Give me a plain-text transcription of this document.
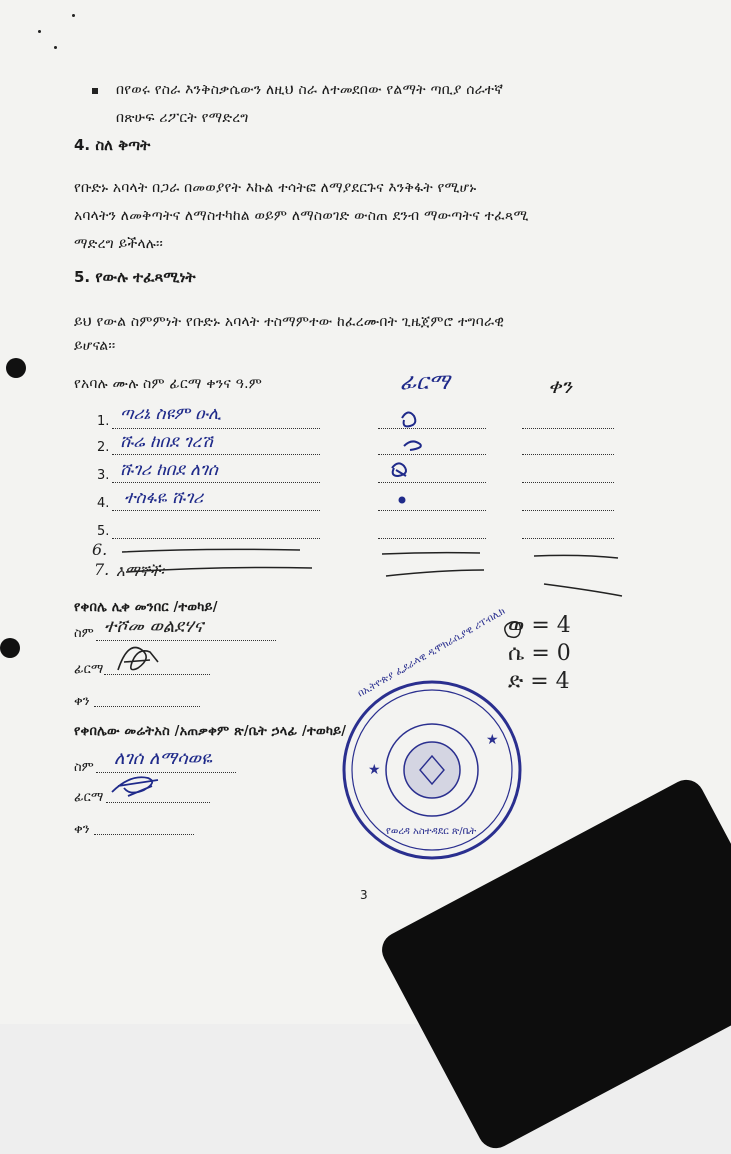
በየወሩ የስራ እንቅስቃሴውን ለዚህ ስራ ለተመደበው የልማት ጣቢያ ሰራተኛ
በጽሁፍ ሪፖርት የማድረግ
4. ስለ ቅጣት
የቡድኑ አባላት በጋራ በመወያየት እኩል ተሳትፎ ለማያደርጉና እንቅፋት የሚሆኑ
አባላትን ለመቅጣትና ለማስተካከል ወይም ለማስወገድ ውስጠ ደንብ ማውጣትና ተፈጻሚ
ማድረግ ይችላሉ፡፡
5. የውሉ ተፈጻሚነት
ይህ የውል ስምምነት የቡድኑ አባላት ተስማምተው ከፈረሙበት ጊዜጀምሮ ተግባራዊ
ይሆናል፡፡
የአባሉ ሙሉ ስም ፊርማ ቀንና ዓ.ም	ፊርማ	ቀን
1. ጣሪኔ ስዩም ዑሊ
2. ሹሬ ከበደ ገረሽ
3. ሹገሪ ከበደ ለገሰ
4. ተስፋዬ ሹገሪ
5.
6.
7. እማኞች፡
የቀበሌ ሊቀ መንበር /ተወካይ/
ስም ተሾመ ወልደሃና
ፊርማ
ቀን
የቀበሌው መሬትአስ /አጠቃቀም ጽ/ቤት ኃላፊ /ተወካይ/
ስም ለገሰ ለማሳወዬ
ፊርማ
ቀን
ወ = 4
ሴ = 0
ድ = 4
★
★
በኢትዮጵያ ፌደራላዊ ዲሞክራሲያዊ ሪፐብሊክ
የወረዳ አስተዳደር ጽ/ቤት
3
